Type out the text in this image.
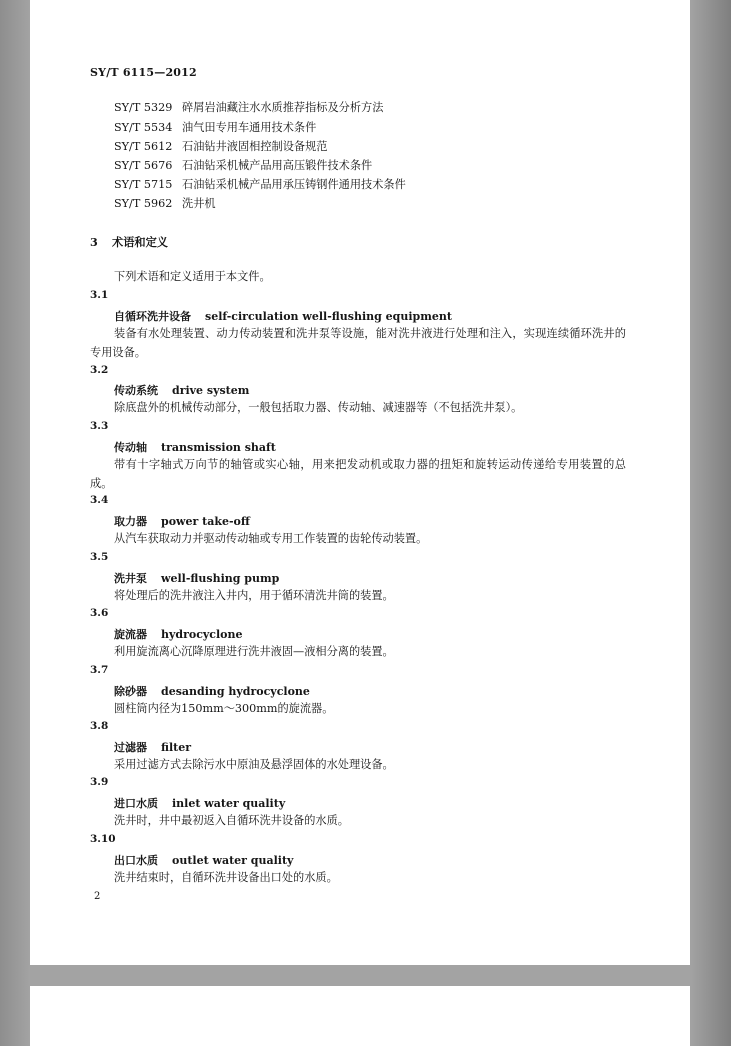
SY/T 6115—2012
SY/T 5329 碎屑岩油藏注水水质推荐指标及分析方法
SY/T 5534 油气田专用车通用技术条件
SY/T 5612 石油钻井液固相控制设备规范
SY/T 5676 石油钻采机械产品用高压锻件技术条件
SY/T 5715 石油钻采机械产品用承压铸钢件通用技术条件
SY/T 5962 洗井机
3 术语和定义
下列术语和定义适用于本文件。
3.1
自循环洗井设备 self-circulation well-flushing equipment
装备有水处理装置、动力传动装置和洗井泵等设施，能对洗井液进行处理和注入，实现连续循环洗井的专用设备。
3.2
传动系统 drive system
除底盘外的机械传动部分，一般包括取力器、传动轴、减速器等（不包括洗井泵）。
3.3
传动轴 transmission shaft
带有十字轴式万向节的轴管或实心轴，用来把发动机或取力器的扭矩和旋转运动传递给专用装置的总成。
3.4
取力器 power take-off
从汽车获取动力并驱动传动轴或专用工作装置的齿轮传动装置。
3.5
洗井泵 well-flushing pump
将处理后的洗井液注入井内，用于循环清洗井筒的装置。
3.6
旋流器 hydrocyclone
利用旋流离心沉降原理进行洗井液固—液相分离的装置。
3.7
除砂器 desanding hydrocyclone
圆柱筒内径为150mm～300mm的旋流器。
3.8
过滤器 filter
采用过滤方式去除污水中原油及悬浮固体的水处理设备。
3.9
进口水质 inlet water quality
洗井时，井中最初返入自循环洗井设备的水质。
3.10
出口水质 outlet water quality
洗井结束时，自循环洗井设备出口处的水质。
2
